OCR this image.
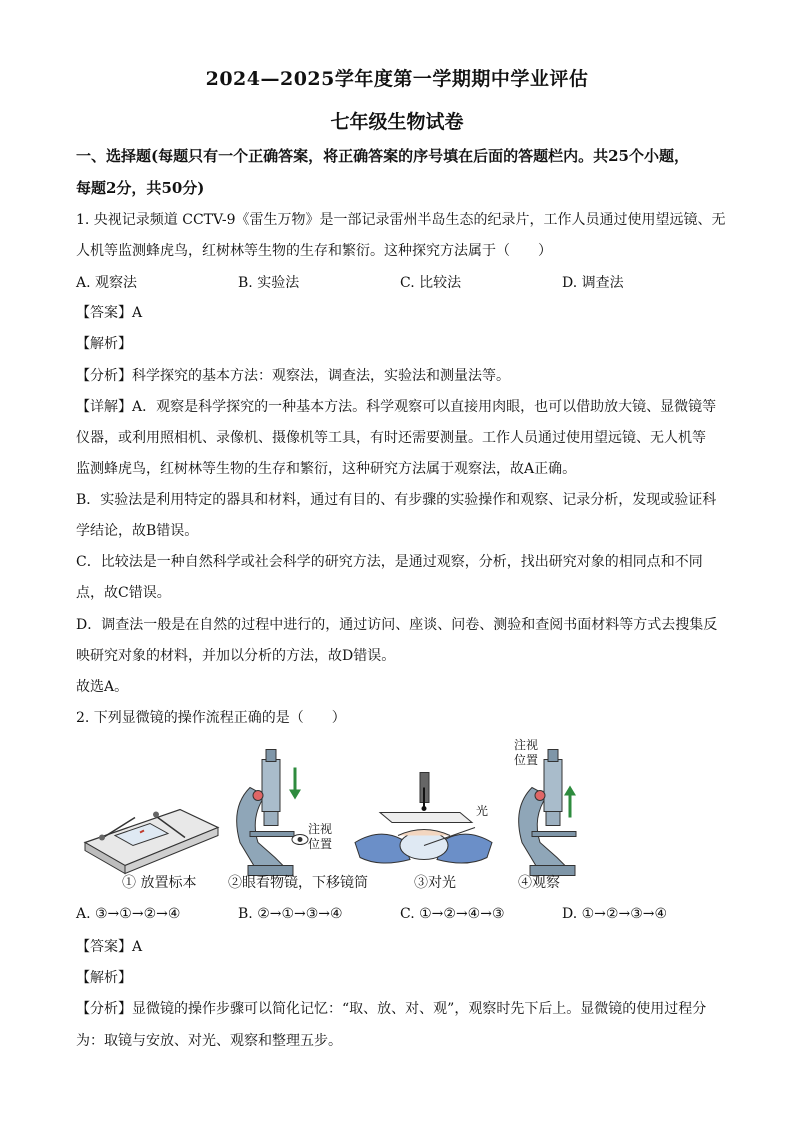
2024—2025学年度第一学期期中学业评估
七年级生物试卷
一、选择题(每题只有一个正确答案，将正确答案的序号填在后面的答题栏内。共25个小题，
每题2分，共50分)
1. 央视记录频道 CCTV-9《雷生万物》是一部记录雷州半岛生态的纪录片，工作人员通过使用望远镜、无
人机等监测蜂虎鸟，红树林等生物的生存和繁衍。这种探究方法属于（　　）
A. 观察法	B. 实验法	C. 比较法	D. 调查法
【答案】A
【解析】
【分析】科学探究的基本方法：观察法，调查法，实验法和测量法等。
【详解】A．观察是科学探究的一种基本方法。科学观察可以直接用肉眼，也可以借助放大镜、显微镜等
仪器，或利用照相机、录像机、摄像机等工具，有时还需要测量。工作人员通过使用望远镜、无人机等
监测蜂虎鸟，红树林等生物的生存和繁衍，这种研究方法属于观察法，故A正确。
B．实验法是利用特定的器具和材料，通过有目的、有步骤的实验操作和观察、记录分析，发现或验证科
学结论，故B错误。
C．比较法是一种自然科学或社会科学的研究方法，是通过观察，分析，找出研究对象的相同点和不同
点，故C错误。
D．调查法一般是在自然的过程中进行的，通过访问、座谈、问卷、测验和查阅书面材料等方式去搜集反
映研究对象的材料，并加以分析的方法，故D错误。
故选A。
2. 下列显微镜的操作流程正确的是（　　）
注视位置
光
注视位置
① 放置标本 ②眼看物镜，下移镜筒	③对光	④观察
A. ③→①→②→④	B. ②→①→③→④	C. ①→②→④→③	D. ①→②→③→④
【答案】A
【解析】
【分析】显微镜的操作步骤可以简化记忆：“取、放、对、观”，观察时先下后上。显微镜的使用过程分
为：取镜与安放、对光、观察和整理五步。
